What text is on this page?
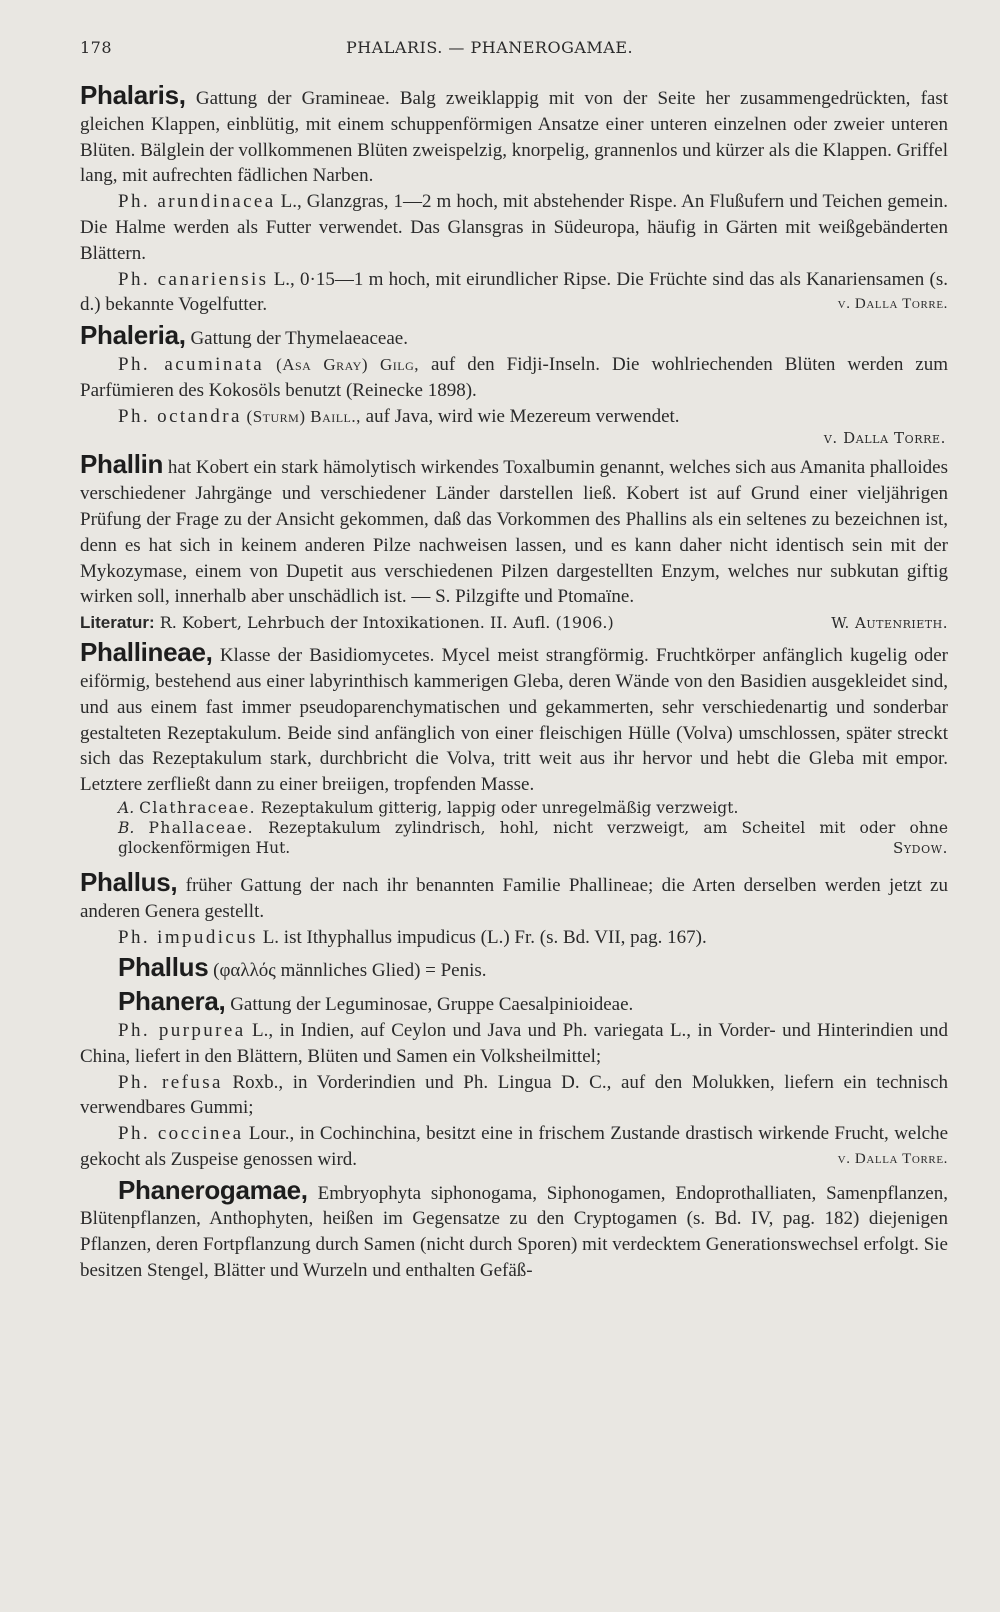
178	PHALARIS. — PHANEROGAMAE.

Phalaris, Gattung der Gramineae. Balg zweiklappig mit von der Seite her zusammengedrückten, fast gleichen Klappen, einblütig, mit einem schuppenförmigen Ansatze einer unteren einzelnen oder zweier unteren Blüten. Bälglein der vollkommenen Blüten zweispelzig, knorpelig, grannenlos und kürzer als die Klappen. Griffel lang, mit aufrechten fädlichen Narben.

Ph. arundinacea L., Glanzgras, 1—2 m hoch, mit abstehender Rispe. An Flußufern und Teichen gemein. Die Halme werden als Futter verwendet. Das Glansgras in Südeuropa, häufig in Gärten mit weißgebänderten Blättern.

Ph. canariensis L., 0·15—1 m hoch, mit eirundlicher Ripse. Die Früchte sind das als Kanariensamen (s. d.) bekannte Vogelfutter.	v. Dalla Torre.

Phaleria, Gattung der Thymelaeaceae.

Ph. acuminata (Asa Gray) Gilg, auf den Fidji-Inseln. Die wohlriechenden Blüten werden zum Parfümieren des Kokosöls benutzt (Reinecke 1898).

Ph. octandra (Sturm) Baill., auf Java, wird wie Mezereum verwendet.

v. Dalla Torre.

Phallin hat Kobert ein stark hämolytisch wirkendes Toxalbumin genannt, welches sich aus Amanita phalloides verschiedener Jahrgänge und verschiedener Länder darstellen ließ. Kobert ist auf Grund einer vieljährigen Prüfung der Frage zu der Ansicht gekommen, daß das Vorkommen des Phallins als ein seltenes zu bezeichnen ist, denn es hat sich in keinem anderen Pilze nachweisen lassen, und es kann daher nicht identisch sein mit der Mykozymase, einem von Dupetit aus verschiedenen Pilzen dargestellten Enzym, welches nur subkutan giftig wirken soll, innerhalb aber unschädlich ist. — S. Pilzgifte und Ptomaïne.

Literatur: R. Kobert, Lehrbuch der Intoxikationen. II. Aufl. (1906.)	W. Autenrieth.

Phallineae, Klasse der Basidiomycetes. Mycel meist strangförmig. Fruchtkörper anfänglich kugelig oder eiförmig, bestehend aus einer labyrinthisch kammerigen Gleba, deren Wände von den Basidien ausgekleidet sind, und aus einem fast immer pseudoparenchymatischen und gekammerten, sehr verschiedenartig und sonderbar gestalteten Rezeptakulum. Beide sind anfänglich von einer fleischigen Hülle (Volva) umschlossen, später streckt sich das Rezeptakulum stark, durchbricht die Volva, tritt weit aus ihr hervor und hebt die Gleba mit empor. Letztere zerfließt dann zu einer breiigen, tropfenden Masse.

A. Clathraceae. Rezeptakulum gitterig, lappig oder unregelmäßig verzweigt.

B. Phallaceae. Rezeptakulum zylindrisch, hohl, nicht verzweigt, am Scheitel mit oder ohne glockenförmigen Hut.	Sydow.

Phallus, früher Gattung der nach ihr benannten Familie Phallineae; die Arten derselben werden jetzt zu anderen Genera gestellt.

Ph. impudicus L. ist Ithyphallus impudicus (L.) Fr. (s. Bd. VII, pag. 167).

Phallus (φαλλός männliches Glied) = Penis.

Phanera, Gattung der Leguminosae, Gruppe Caesalpinioideae.

Ph. purpurea L., in Indien, auf Ceylon und Java und Ph. variegata L., in Vorder- und Hinterindien und China, liefert in den Blättern, Blüten und Samen ein Volksheilmittel;

Ph. refusa Roxb., in Vorderindien und Ph. Lingua D. C., auf den Molukken, liefern ein technisch verwendbares Gummi;

Ph. coccinea Lour., in Cochinchina, besitzt eine in frischem Zustande drastisch wirkende Frucht, welche gekocht als Zuspeise genossen wird.	v. Dalla Torre.

Phanerogamae, Embryophyta siphonogama, Siphonogamen, Endoprothalliaten, Samenpflanzen, Blütenpflanzen, Anthophyten, heißen im Gegensatze zu den Cryptogamen (s. Bd. IV, pag. 182) diejenigen Pflanzen, deren Fortpflanzung durch Samen (nicht durch Sporen) mit verdecktem Generationswechsel erfolgt. Sie besitzen Stengel, Blätter und Wurzeln und enthalten Gefäß-
